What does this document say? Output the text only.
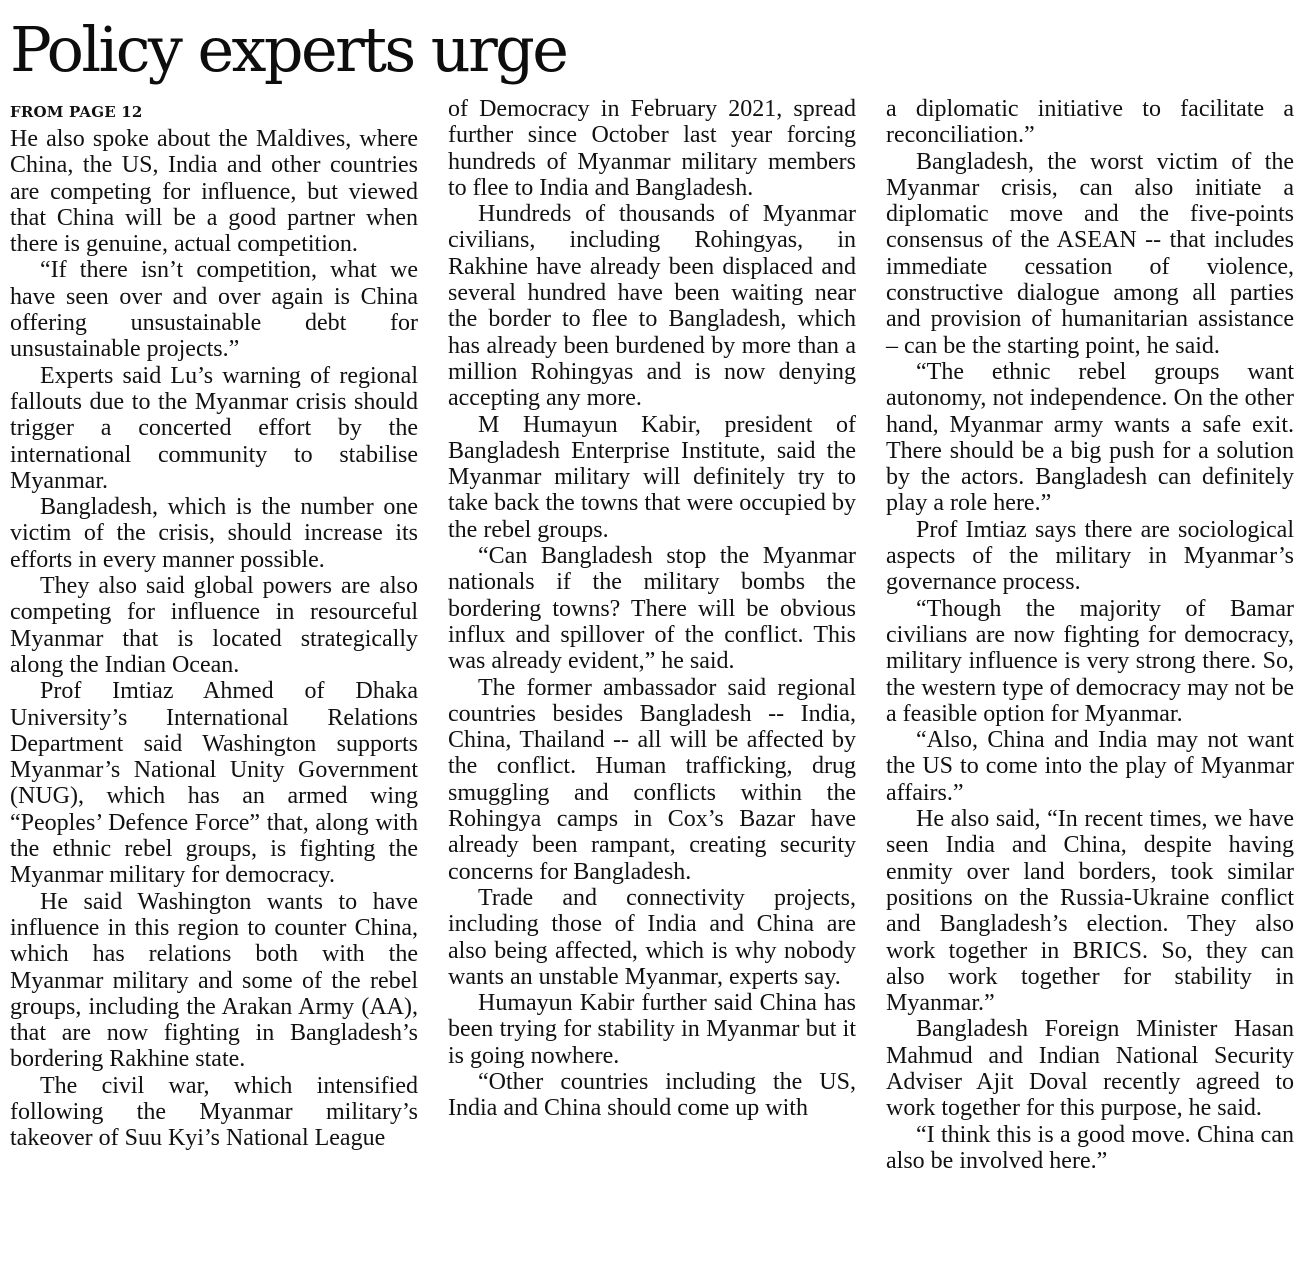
Policy experts urge
FROM PAGE 12

He also spoke about the Maldives, where China, the US, India and other countries are competing for influence, but viewed that China will be a good partner when there is genuine, actual competition.

“If there isn’t competition, what we have seen over and over again is China offering unsustainable debt for unsustainable projects.”

Experts said Lu’s warning of regional fallouts due to the Myanmar crisis should trigger a concerted effort by the international community to stabilise Myanmar.

Bangladesh, which is the number one victim of the crisis, should increase its efforts in every manner possible.

They also said global powers are also competing for influence in resourceful Myanmar that is located strategically along the Indian Ocean.

Prof Imtiaz Ahmed of Dhaka University’s International Relations Department said Washington supports Myanmar’s National Unity Government (NUG), which has an armed wing “Peoples’ Defence Force” that, along with the ethnic rebel groups, is fighting the Myanmar military for democracy.

He said Washington wants to have influence in this region to counter China, which has relations both with the Myanmar military and some of the rebel groups, including the Arakan Army (AA), that are now fighting in Bangladesh’s bordering Rakhine state.

The civil war, which intensified following the Myanmar military’s takeover of Suu Kyi’s National League

of Democracy in February 2021, spread further since October last year forcing hundreds of Myanmar military members to flee to India and Bangladesh.

Hundreds of thousands of Myanmar civilians, including Rohingyas, in Rakhine have already been displaced and several hundred have been waiting near the border to flee to Bangladesh, which has already been burdened by more than a million Rohingyas and is now denying accepting any more.

M Humayun Kabir, president of Bangladesh Enterprise Institute, said the Myanmar military will definitely try to take back the towns that were occupied by the rebel groups.

“Can Bangladesh stop the Myanmar nationals if the military bombs the bordering towns? There will be obvious influx and spillover of the conflict. This was already evident,” he said.

The former ambassador said regional countries besides Bangladesh -- India, China, Thailand -- all will be affected by the conflict. Human trafficking, drug smuggling and conflicts within the Rohingya camps in Cox’s Bazar have already been rampant, creating security concerns for Bangladesh.

Trade and connectivity projects, including those of India and China are also being affected, which is why nobody wants an unstable Myanmar, experts say.

Humayun Kabir further said China has been trying for stability in Myanmar but it is going nowhere.

“Other countries including the US, India and China should come up with

a diplomatic initiative to facilitate a reconciliation.”

Bangladesh, the worst victim of the Myanmar crisis, can also initiate a diplomatic move and the five-points consensus of the ASEAN -- that includes immediate cessation of violence, constructive dialogue among all parties and provision of humanitarian assistance – can be the starting point, he said.

“The ethnic rebel groups want autonomy, not independence. On the other hand, Myanmar army wants a safe exit. There should be a big push for a solution by the actors. Bangladesh can definitely play a role here.”

Prof Imtiaz says there are sociological aspects of the military in Myanmar’s governance process.

“Though the majority of Bamar civilians are now fighting for democracy, military influence is very strong there. So, the western type of democracy may not be a feasible option for Myanmar.

“Also, China and India may not want the US to come into the play of Myanmar affairs.”

He also said, “In recent times, we have seen India and China, despite having enmity over land borders, took similar positions on the Russia-Ukraine conflict and Bangladesh’s election. They also work together in BRICS. So, they can also work together for stability in Myanmar.”

Bangladesh Foreign Minister Hasan Mahmud and Indian National Security Adviser Ajit Doval recently agreed to work together for this purpose, he said.

“I think this is a good move. China can also be involved here.”
